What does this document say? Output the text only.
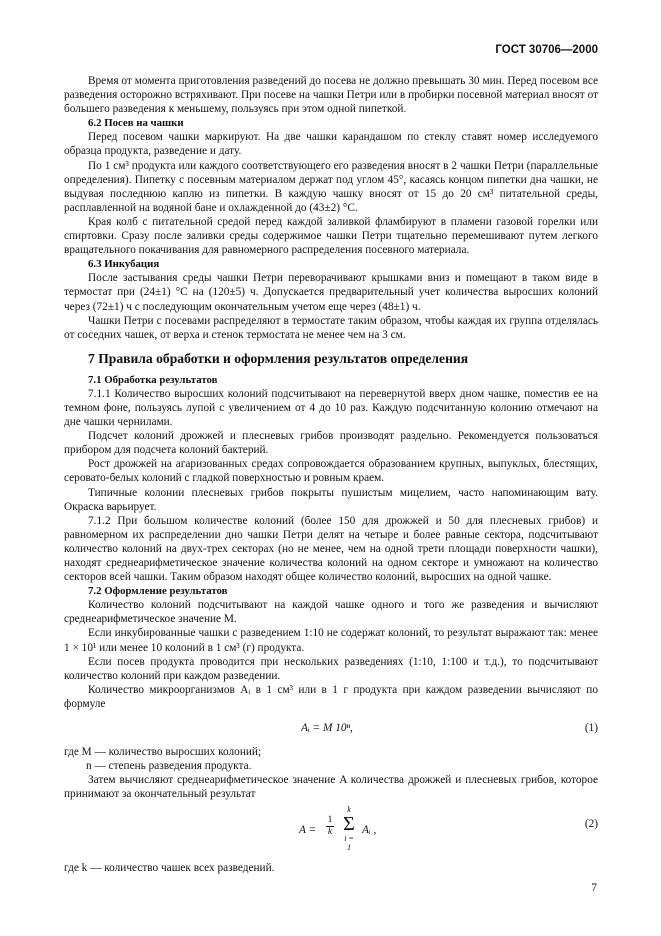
ГОСТ 30706—2000

Время от момента приготовления разведений до посева не должно превышать 30 мин. Перед посевом все разведения осторожно встряхивают. При посеве на чашки Петри или в пробирки посевной материал вносят от большего разведения к меньшему, пользуясь при этом одной пипеткой.

6.2 Посев на чашки

Перед посевом чашки маркируют. На две чашки карандашом по стеклу ставят номер исследуемого образца продукта, разведение и дату.

По 1 см³ продукта или каждого соответствующего его разведения вносят в 2 чашки Петри (параллельные определения). Пипетку с посевным материалом держат под углом 45°, касаясь концом пипетки дна чашки, не выдувая последнюю каплю из пипетки. В каждую чашку вносят от 15 до 20 см³ питательной среды, расплавленной на водяной бане и охлажденной до (43±2) °С.

Края колб с питательной средой перед каждой заливкой фламбируют в пламени газовой горелки или спиртовки. Сразу после заливки среды содержимое чашки Петри тщательно перемешивают путем легкого вращательного покачивания для равномерного распределения посевного материала.

6.3 Инкубация

После застывания среды чашки Петри переворачивают крышками вниз и помещают в таком виде в термостат при (24±1) °С на (120±5) ч. Допускается предварительный учет количества выросших колоний через (72±1) ч с последующим окончательным учетом еще через (48±1) ч.

Чашки Петри с посевами распределяют в термостате таким образом, чтобы каждая их группа отделялась от соседних чашек, от верха и стенок термостата не менее чем на 3 см.

7 Правила обработки и оформления результатов определения
7.1 Обработка результатов

7.1.1 Количество выросших колоний подсчитывают на перевернутой вверх дном чашке, поместив ее на темном фоне, пользуясь лупой с увеличением от 4 до 10 раз. Каждую подсчитанную колонию отмечают на дне чашки чернилами.

Подсчет колоний дрожжей и плесневых грибов производят раздельно. Рекомендуется пользоваться прибором для подсчета колоний бактерий.

Рост дрожжей на агаризованных средах сопровождается образованием крупных, выпуклых, блестящих, серовато-белых колоний с гладкой поверхностью и ровным краем.

Типичные колонии плесневых грибов покрыты пушистым мицелием, часто напоминающим вату. Окраска варьирует.

7.1.2 При большом количестве колоний (более 150 для дрожжей и 50 для плесневых грибов) и равномерном их распределении дно чашки Петри делят на четыре и более равные сектора, подсчитывают количество колоний на двух-трех секторах (но не менее, чем на одной трети площади поверхности чашки), находят среднеарифметическое значение количества колоний на одном секторе и умножают на количество секторов всей чашки. Таким образом находят общее количество колоний, выросших на одной чашке.

7.2 Оформление результатов

Количество колоний подсчитывают на каждой чашке одного и того же разведения и вычисляют среднеарифметическое значение M.

Если инкубированные чашки с разведением 1:10 не содержат колоний, то результат выражают так: менее 1 × 10¹ или менее 10 колоний в 1 см³ (г) продукта.

Если посев продукта проводится при нескольких разведениях (1:10, 1:100 и т.д.), то подсчитывают количество колоний при каждом разведении.

Количество микроорганизмов Aᵢ в 1 см³ или в 1 г продукта при каждом разведении вычисляют по формуле

Aᵢ = M 10ⁿ,	(1)

где M — количество выросших колоний;

n — степень разведения продукта.

Затем вычисляют среднеарифметическое значение A количества дрожжей и плесневых грибов, которое принимают за окончательный результат

A =
1
k
k
Σ
i = 1
Aᵢ ,	(2)

где k — количество чашек всех разведений.

7
